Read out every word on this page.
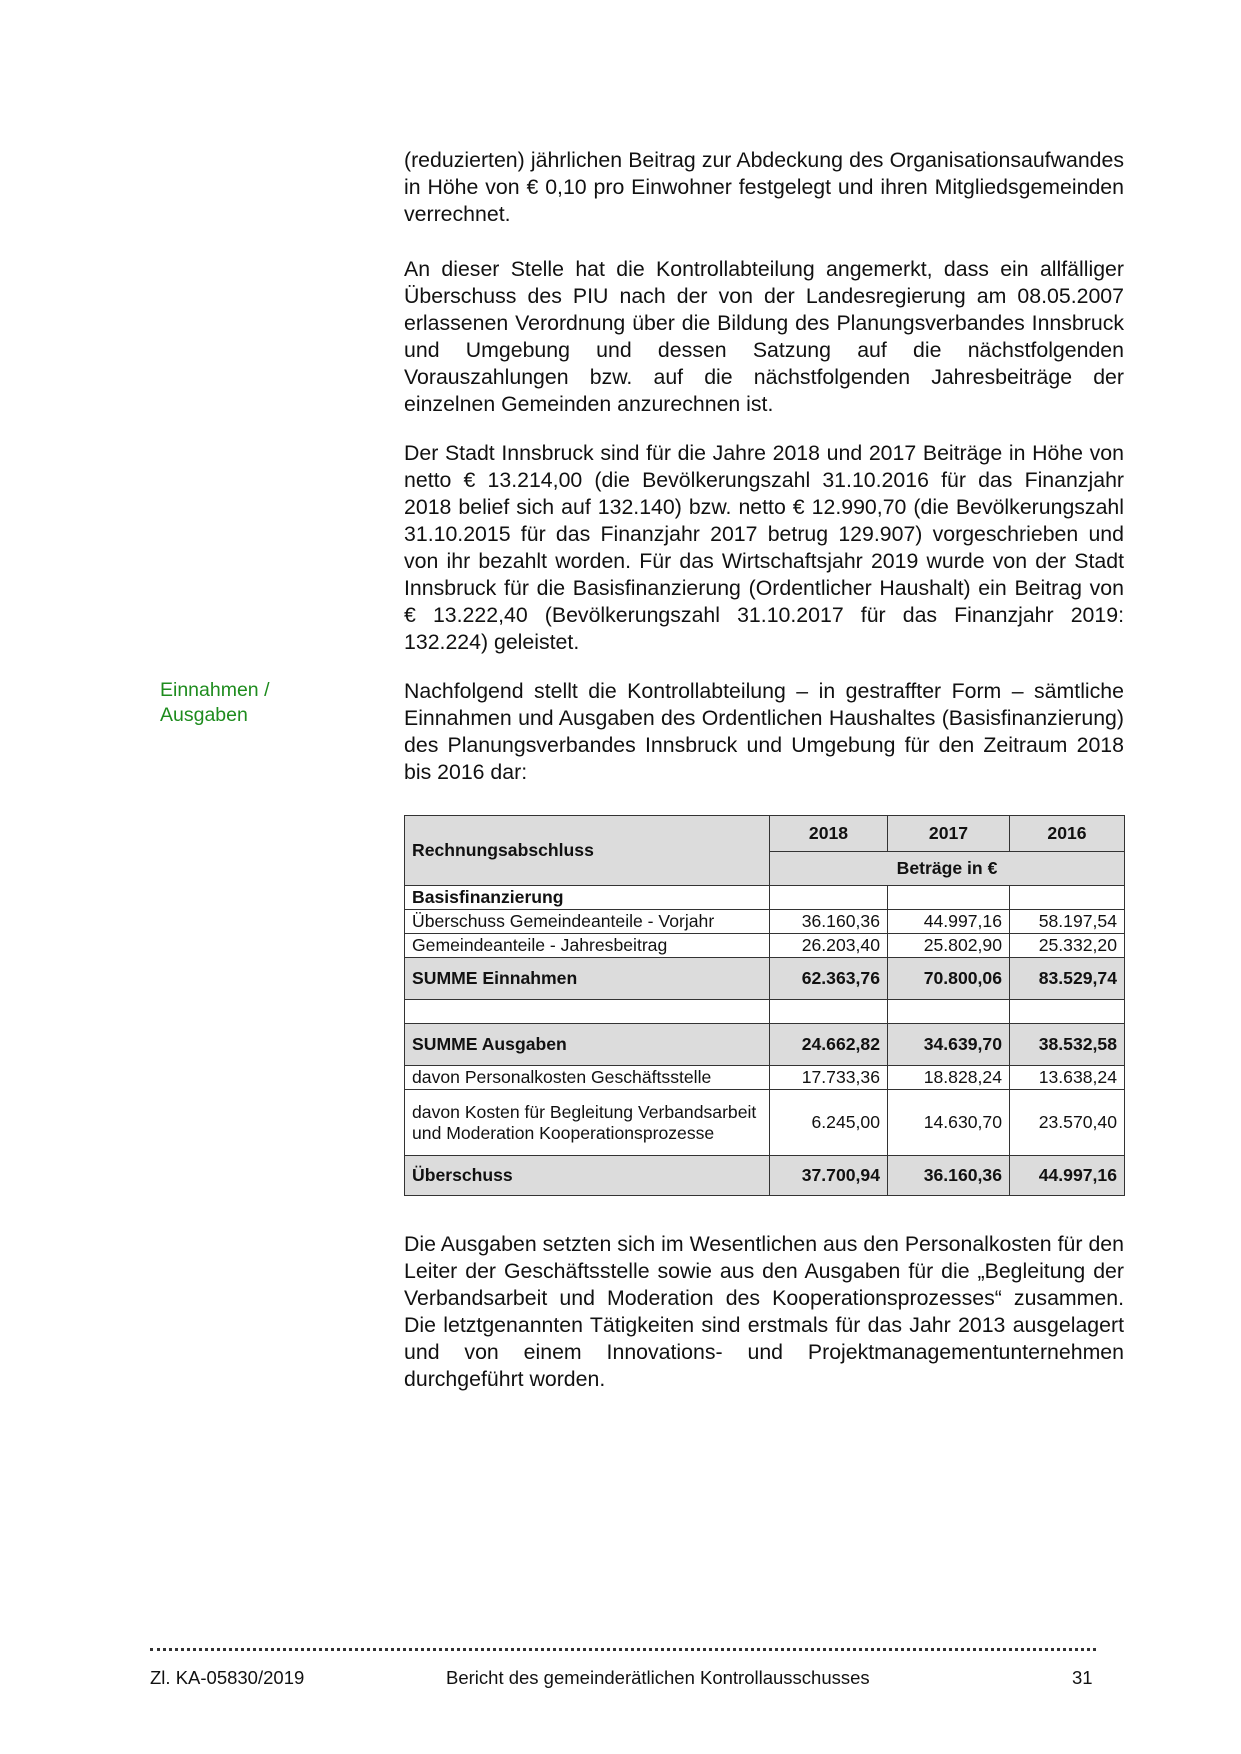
(reduzierten) jährlichen Beitrag zur Abdeckung des Organisationsaufwandes in Höhe von € 0,10 pro Einwohner festgelegt und ihren Mitgliedsgemeinden verrechnet.

An dieser Stelle hat die Kontrollabteilung angemerkt, dass ein allfälliger Überschuss des PIU nach der von der Landesregierung am 08.05.2007 erlassenen Verordnung über die Bildung des Planungsverbandes Innsbruck und Umgebung und dessen Satzung auf die nächstfolgenden Vorauszahlungen bzw. auf die nächstfolgenden Jahresbeiträge der einzelnen Gemeinden anzurechnen ist.

Der Stadt Innsbruck sind für die Jahre 2018 und 2017 Beiträge in Höhe von netto € 13.214,00 (die Bevölkerungszahl 31.10.2016 für das Finanzjahr 2018 belief sich auf 132.140) bzw. netto € 12.990,70 (die Bevölkerungszahl 31.10.2015 für das Finanzjahr 2017 betrug 129.907) vorgeschrieben und von ihr bezahlt worden. Für das Wirtschaftsjahr 2019 wurde von der Stadt Innsbruck für die Basisfinanzierung (Ordentlicher Haushalt) ein Beitrag von € 13.222,40 (Bevölkerungszahl 31.10.2017 für das Finanzjahr 2019: 132.224) geleistet.

Einnahmen / Ausgaben

Nachfolgend stellt die Kontrollabteilung – in gestraffter Form – sämtliche Einnahmen und Ausgaben des Ordentlichen Haushaltes (Basisfinanzierung) des Planungsverbandes Innsbruck und Umgebung für den Zeitraum 2018 bis 2016 dar:

Rechnungsabschluss	2018	2017	2016
	Beträge in €		
Basisfinanzierung			
Überschuss Gemeindeanteile - Vorjahr	36.160,36	44.997,16	58.197,54
Gemeindeanteile - Jahresbeitrag	26.203,40	25.802,90	25.332,20
SUMME Einnahmen	62.363,76	70.800,06	83.529,74

SUMME Ausgaben	24.662,82	34.639,70	38.532,58
davon Personalkosten Geschäftsstelle	17.733,36	18.828,24	13.638,24
davon Kosten für Begleitung Verbandsarbeit und Moderation Kooperationsprozesse	6.245,00	14.630,70	23.570,40
Überschuss	37.700,94	36.160,36	44.997,16

Die Ausgaben setzten sich im Wesentlichen aus den Personalkosten für den Leiter der Geschäftsstelle sowie aus den Ausgaben für die „Begleitung der Verbandsarbeit und Moderation des Kooperationsprozesses“ zusammen. Die letztgenannten Tätigkeiten sind erstmals für das Jahr 2013 ausgelagert und von einem Innovations- und Projektmanagementunternehmen durchgeführt worden.

Zl. KA-05830/2019	Bericht des gemeinderätlichen Kontrollausschusses	31
